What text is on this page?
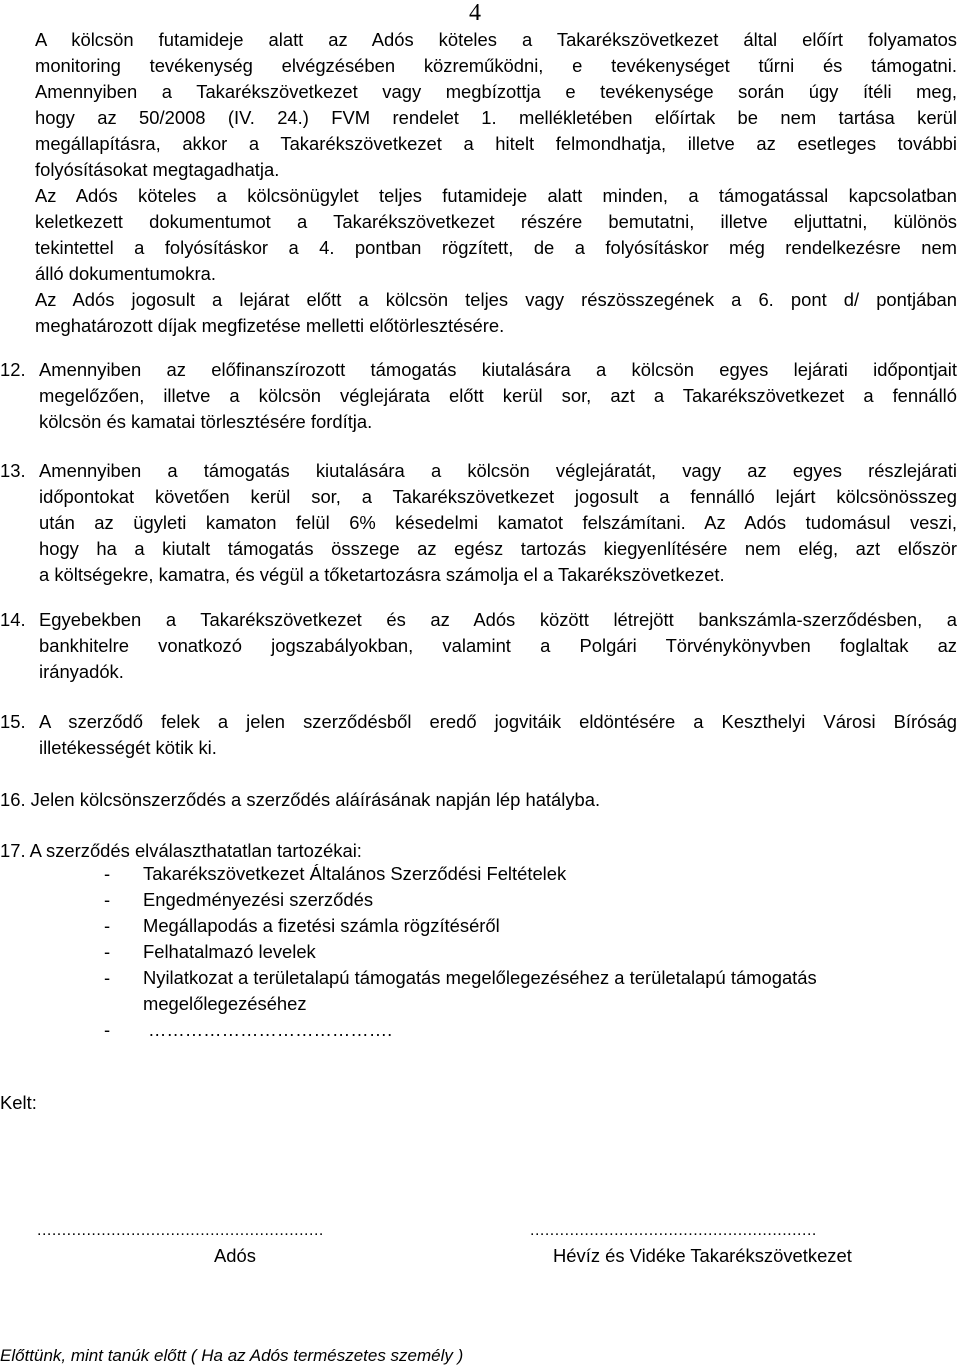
4
A kölcsön futamideje alatt az Adós köteles a Takarékszövetkezet által előírt folyamatos
monitoring tevékenység elvégzésében közreműködni, e tevékenységet tűrni és támogatni.
Amennyiben a Takarékszövetkezet vagy megbízottja e tevékenysége során úgy ítéli meg,
hogy az 50/2008 (IV. 24.) FVM rendelet 1. mellékletében előírtak be nem tartása kerül
megállapításra, akkor a Takarékszövetkezet a hitelt felmondhatja, illetve az esetleges további
folyósításokat megtagadhatja.
Az Adós köteles a kölcsönügylet teljes futamideje alatt minden, a támogatással kapcsolatban
keletkezett dokumentumot a Takarékszövetkezet részére bemutatni, illetve eljuttatni, különös
tekintettel a folyósításkor a 4. pontban rögzített, de a folyósításkor még rendelkezésre nem
álló dokumentumokra.
Az Adós jogosult a lejárat előtt a kölcsön teljes vagy részösszegének a 6. pont d/ pontjában
meghatározott díjak megfizetése melletti előtörlesztésére.
12. Amennyiben az előfinanszírozott támogatás kiutalására a kölcsön egyes lejárati időpontjait
megelőzően, illetve a kölcsön véglejárata előtt kerül sor, azt a Takarékszövetkezet a fennálló
kölcsön és kamatai törlesztésére fordítja.
13. Amennyiben a támogatás kiutalására a kölcsön véglejáratát, vagy az egyes részlejárati
időpontokat követően kerül sor, a Takarékszövetkezet jogosult a fennálló lejárt kölcsönösszeg
után az ügyleti kamaton felül 6% késedelmi kamatot felszámítani. Az Adós tudomásul veszi,
hogy ha a kiutalt támogatás összege az egész tartozás kiegyenlítésére nem elég, azt először
a költségekre, kamatra, és végül a tőketartozásra számolja el a Takarékszövetkezet.
14. Egyebekben a Takarékszövetkezet és az Adós között létrejött bankszámla-szerződésben, a
bankhitelre vonatkozó jogszabályokban, valamint a Polgári Törvénykönyvben foglaltak az
irányadók.
15. A szerződő felek a jelen szerződésből eredő jogvitáik eldöntésére a Keszthelyi Városi Bíróság
illetékességét kötik ki.
16. Jelen kölcsönszerződés a szerződés aláírásának napján lép hatályba.
17. A szerződés elválaszthatatlan tartozékai:
- Takarékszövetkezet Általános Szerződési Feltételek
- Engedményezési szerződés
- Megállapodás a fizetési számla rögzítéséről
- Felhatalmazó levelek
- Nyilatkozat a területalapú támogatás megelőlegezéséhez a területalapú támogatás
megelőlegezéséhez
- ………………………………….
Kelt:
..........................................................	..........................................................
Adós	Hévíz és Vidéke Takarékszövetkezet
Előttünk, mint tanúk előtt ( Ha az Adós természetes személy )
